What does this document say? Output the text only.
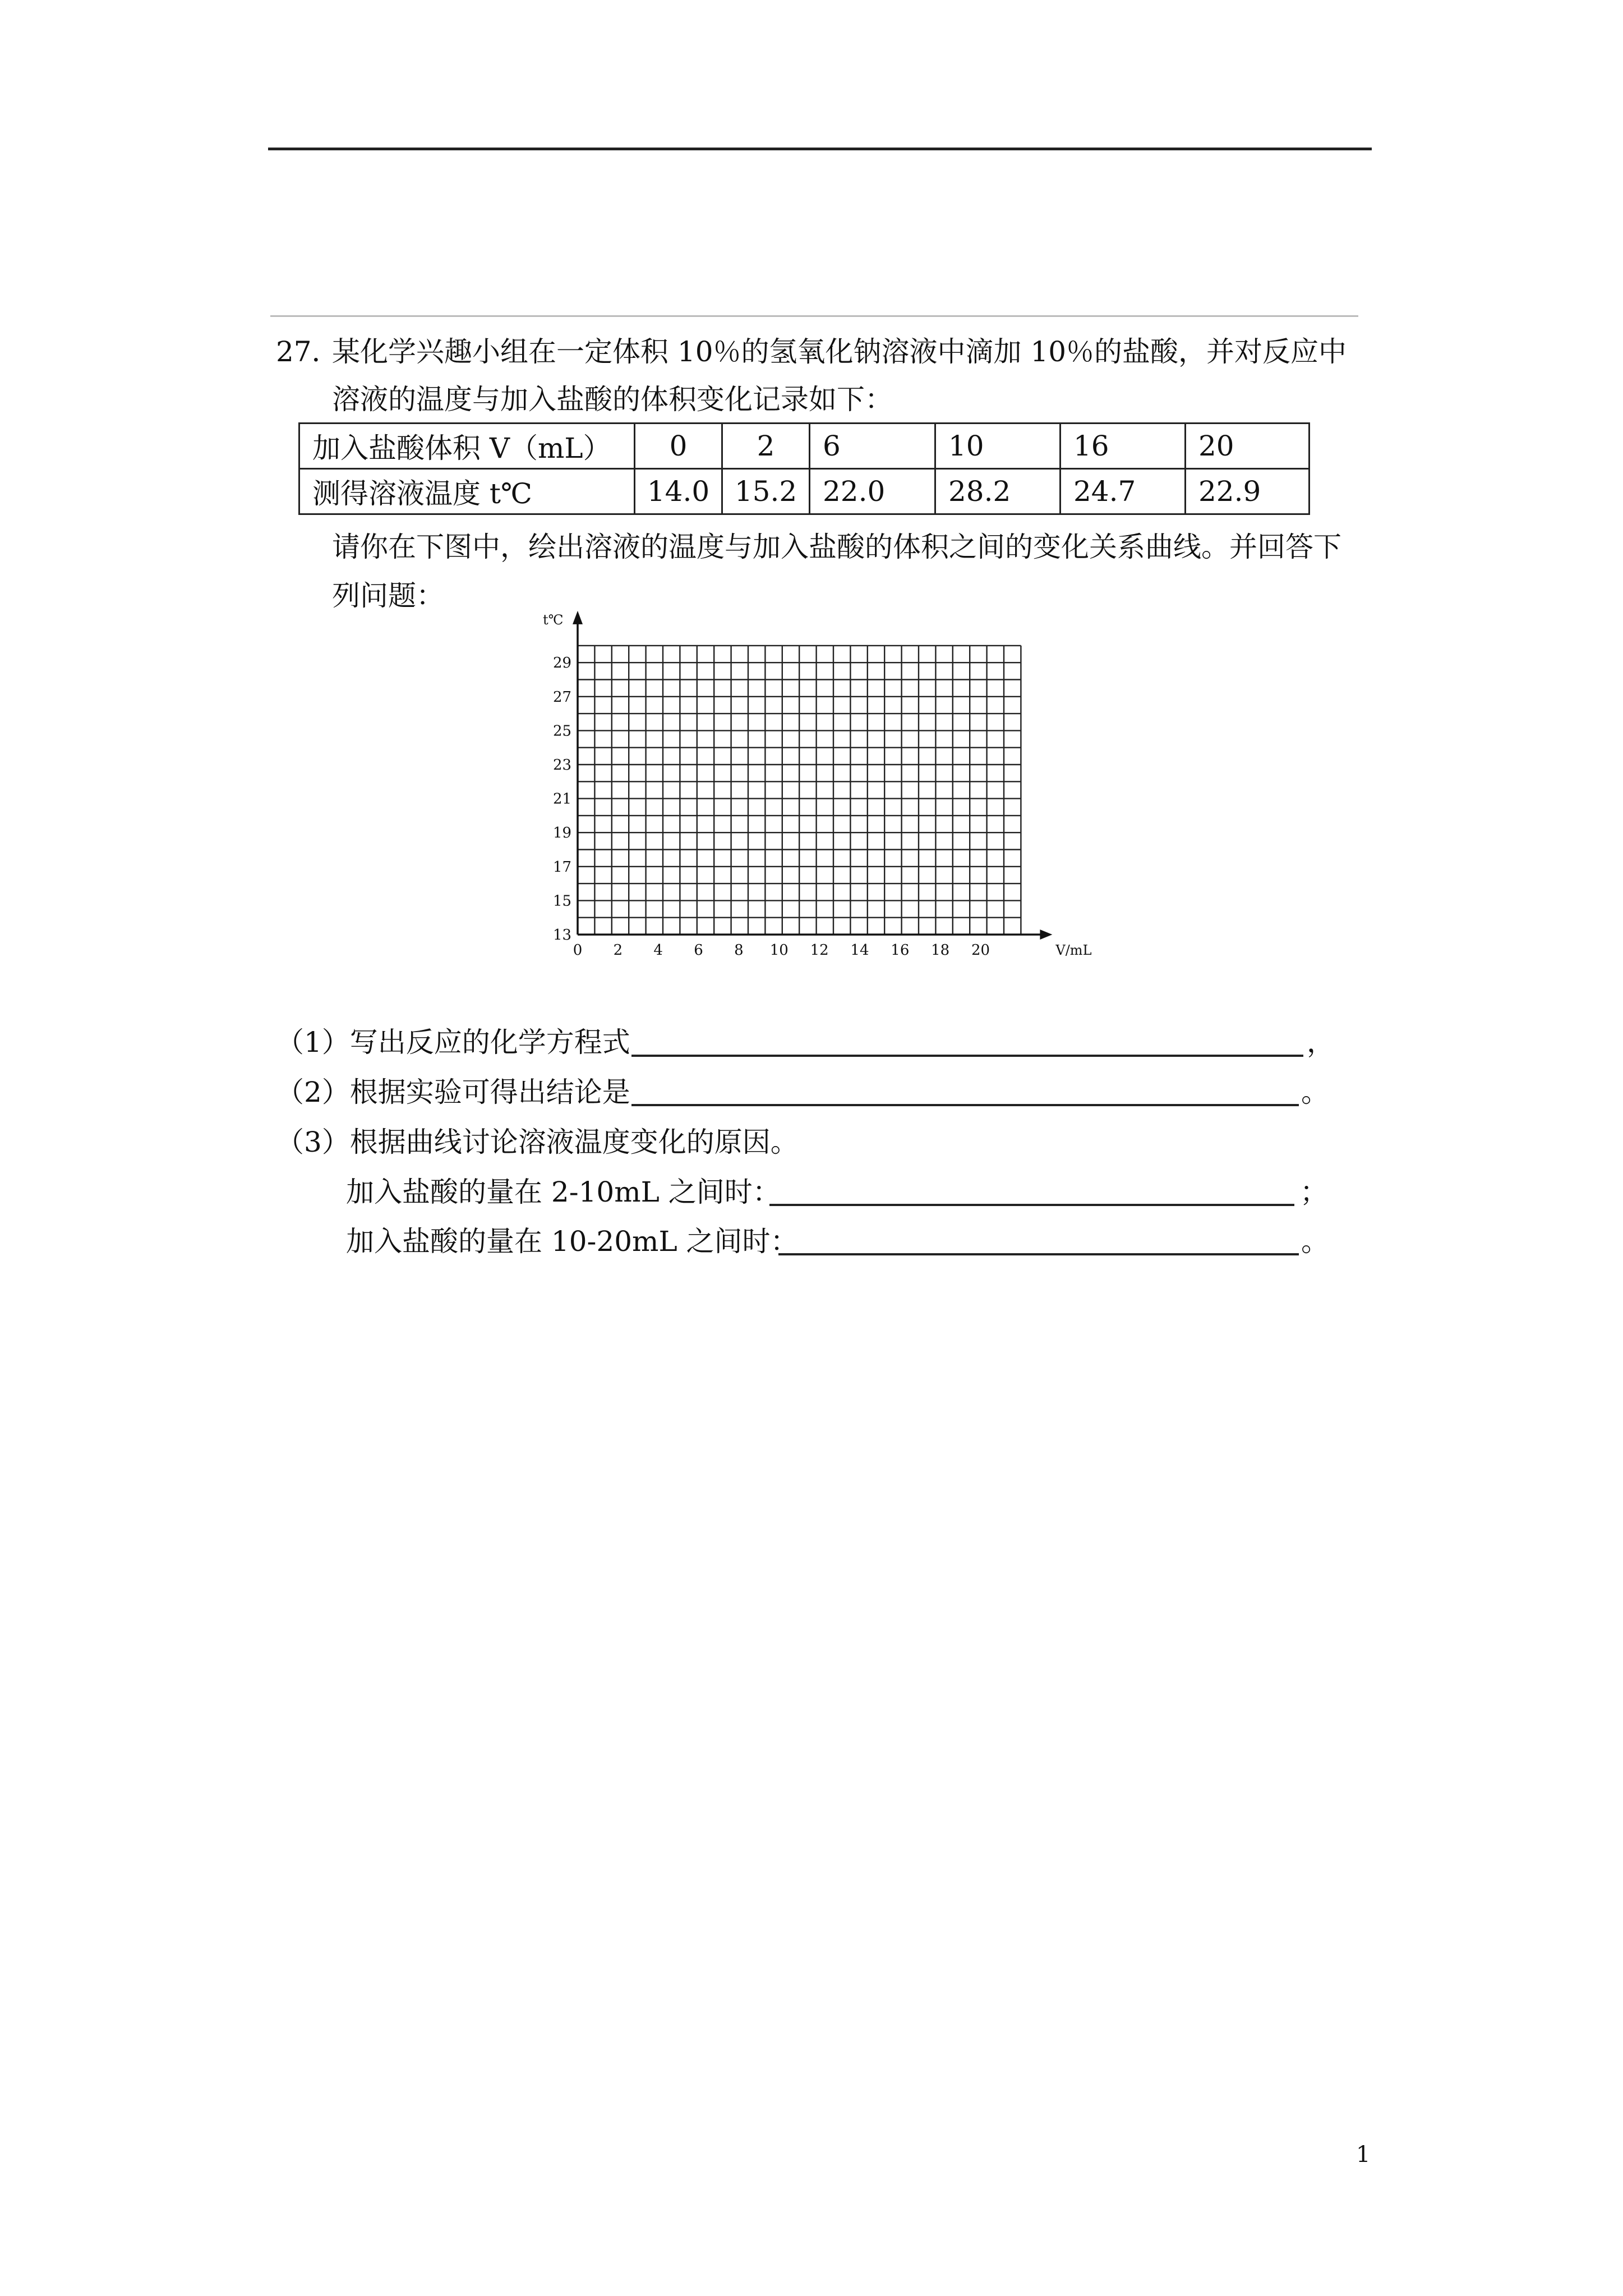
27．
某化学兴趣小组在一定体积 10％的氢氧化钠溶液中滴加 10％的盐酸，并对反应中
溶液的温度与加入盐酸的体积变化记录如下：
加入盐酸体积 V（mL）	0	2	6	10	16	20
测得溶液温度 t℃	14.0	15.2	22.0	28.2	24.7	22.9
请你在下图中，绘出溶液的温度与加入盐酸的体积之间的变化关系曲线。并回答下
列问题：
t℃
V/mL
13
15
17
19
21
23
25
27
29
0 2 4 6 8 10 12 14 16 18 20
（1）写出反应的化学方程式	，
（2）根据实验可得出结论是	。
（3）根据曲线讨论溶液温度变化的原因。
加入盐酸的量在 2-10mL 之间时：	；
加入盐酸的量在 10-20mL 之间时：	。
1
